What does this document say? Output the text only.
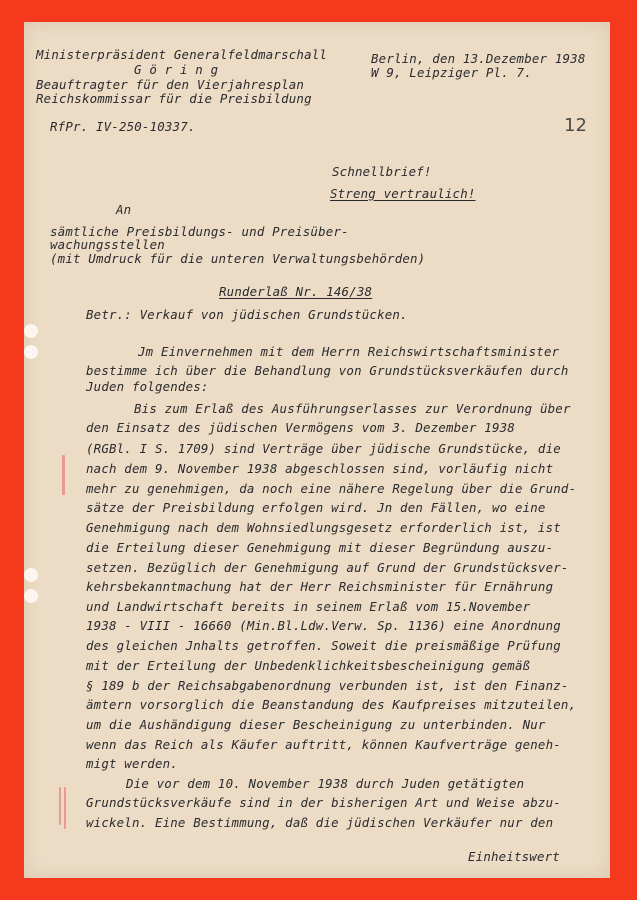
Ministerpräsident Generalfeldmarschall
G ö r i n g
Beauftragter für den Vierjahresplan
Reichskommissar für die Preisbildung
Berlin, den 13.Dezember 1938
W 9, Leipziger Pl. 7.
RfPr. IV-250-10337.	12
Schnellbrief!
Streng vertraulich!
An
sämtliche Preisbildungs- und Preisüber-
wachungsstellen
(mit Umdruck für die unteren Verwaltungsbehörden)
Runderlaß Nr. 146/38
Betr.: Verkauf von jüdischen Grundstücken.
Jm Einvernehmen mit dem Herrn Reichswirtschaftsminister
bestimme ich über die Behandlung von Grundstücksverkäufen durch
Juden folgendes:
Bis zum Erlaß des Ausführungserlasses zur Verordnung über
den Einsatz des jüdischen Vermögens vom 3. Dezember 1938
(RGBl. I S. 1709) sind Verträge über jüdische Grundstücke, die
nach dem 9. November 1938 abgeschlossen sind, vorläufig nicht
mehr zu genehmigen, da noch eine nähere Regelung über die Grund-
sätze der Preisbildung erfolgen wird. Jn den Fällen, wo eine
Genehmigung nach dem Wohnsiedlungsgesetz erforderlich ist, ist
die Erteilung dieser Genehmigung mit dieser Begründung auszu-
setzen. Bezüglich der Genehmigung auf Grund der Grundstücksver-
kehrsbekanntmachung hat der Herr Reichsminister für Ernährung
und Landwirtschaft bereits in seinem Erlaß vom 15.November
1938 - VIII - 16660 (Min.Bl.Ldw.Verw. Sp. 1136) eine Anordnung
des gleichen Jnhalts getroffen. Soweit die preismäßige Prüfung
mit der Erteilung der Unbedenklichkeitsbescheinigung gemäß
§ 189 b der Reichsabgabenordnung verbunden ist, ist den Finanz-
ämtern vorsorglich die Beanstandung des Kaufpreises mitzuteilen,
um die Aushändigung dieser Bescheinigung zu unterbinden. Nur
wenn das Reich als Käufer auftritt, können Kaufverträge geneh-
migt werden.
Die vor dem 10. November 1938 durch Juden getätigten
Grundstücksverkäufe sind in der bisherigen Art und Weise abzu-
wickeln. Eine Bestimmung, daß die jüdischen Verkäufer nur den
Einheitswert
